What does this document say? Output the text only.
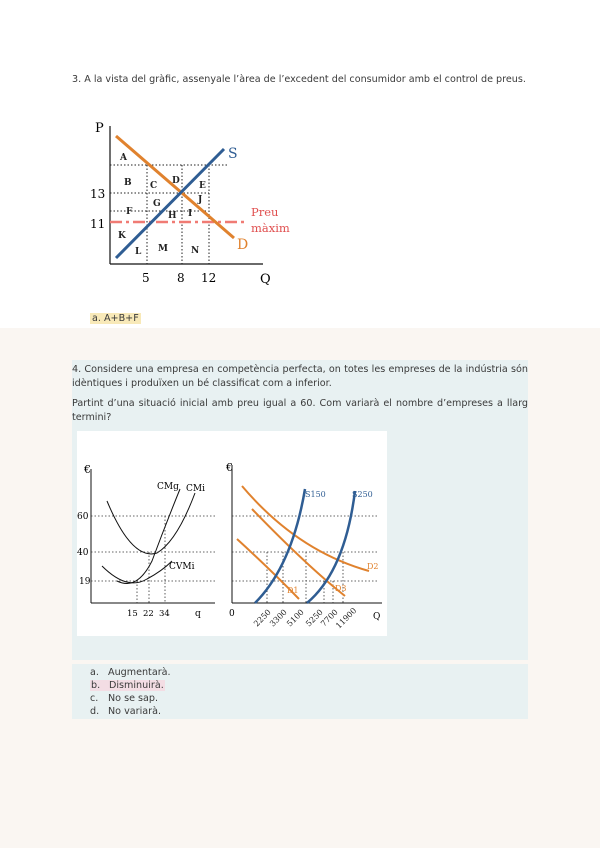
3. A la vista del gràfic, assenyale l’àrea de l’excedent del consumidor amb el control de preus.
P
Q
S
D
Preu
màxim
13
11
5 8 12
A
B C D E
F
G
H I
J
K
L M	N
a. A+B+F
4. Considere una empresa en competència perfecta, on totes les empreses de la indústria són idèntiques i produïxen un bé classificat com a inferior.
Partint d’una situació inicial amb preu igual a 60. Com variarà el nombre d’empreses a llarg termini?
€
CMg CMi
CVMi
60
40
19
15 22 34	q
€
S150	S250
D2
D1	D3
0	Q
2250
3300
5100
5250
7700
11900
a. Augmentarà.
b. Disminuirà.
c. No se sap.
d. No variarà.
